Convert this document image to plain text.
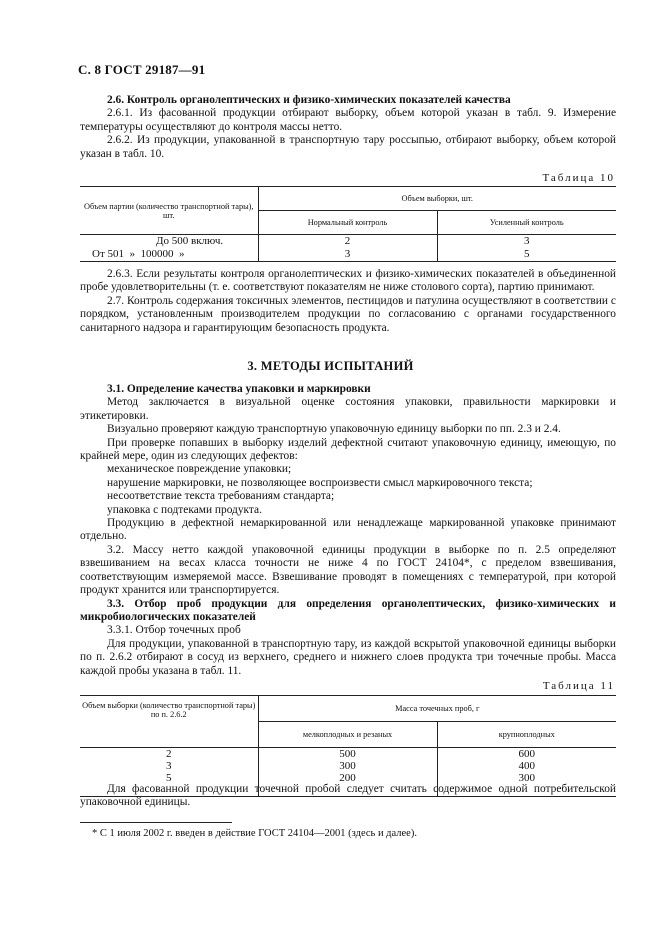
С. 8 ГОСТ 29187—91

2.6. Контроль органолептических и физико-химических показателей качества

2.6.1. Из фасованной продукции отбирают выборку, объем которой указан в табл. 9. Измерение температуры осуществляют до контроля массы нетто.

2.6.2. Из продукции, упакованной в транспортную тару россыпью, отбирают выборку, объем которой указан в табл. 10.

Таблица 10
Объем партии (количество транспортной тары), шт.	Объем выборки, шт.	
	Нормальный контроль	Усиленный контроль
До 500 включ.	2	3
От 501  »  100000  »	3	5

2.6.3. Если результаты контроля органолептических и физико-химических показателей в объединенной пробе удовлетворительны (т. е. соответствуют показателям не ниже столового сорта), партию принимают.

2.7. Контроль содержания токсичных элементов, пестицидов и патулина осуществляют в соответствии с порядком, установленным производителем продукции по согласованию с органами государственного санитарного надзора и гарантирующим безопасность продукта.

3. МЕТОДЫ ИСПЫТАНИЙ

3.1. Определение качества упаковки и маркировки

Метод заключается в визуальной оценке состояния упаковки, правильности маркировки и этикетировки.

Визуально проверяют каждую транспортную упаковочную единицу выборки по пп. 2.3 и 2.4.

При проверке попавших в выборку изделий дефектной считают упаковочную единицу, имеющую, по крайней мере, один из следующих дефектов:

механическое повреждение упаковки;

нарушение маркировки, не позволяющее воспроизвести смысл маркировочного текста;

несоответствие текста требованиям стандарта;

упаковка с подтеками продукта.

Продукцию в дефектной немаркированной или ненадлежаще маркированной упаковке принимают отдельно.

3.2. Массу нетто каждой упаковочной единицы продукции в выборке по п. 2.5 определяют взвешиванием на весах класса точности не ниже 4 по ГОСТ 24104*, с пределом взвешивания, соответствующим измеряемой массе. Взвешивание проводят в помещениях с температурой, при которой продукт хранится или транспортируется.

3.3. Отбор проб продукции для определения органолептических, физико-химических и микробиологических показателей

3.3.1. Отбор точечных проб

Для продукции, упакованной в транспортную тару, из каждой вскрытой упаковочной единицы выборки по п. 2.6.2 отбирают в сосуд из верхнего, среднего и нижнего слоев продукта три точечные пробы. Масса каждой пробы указана в табл. 11.

Таблица 11
Объем выборки (количество транспортной тары) по п. 2.6.2	Масса точечных проб, г	
	мелкоплодных и резаных	крупноплодных
2	500	600
3	300	400
5	200	300

Для фасованной продукции точечной пробой следует считать содержимое одной потребительской упаковочной единицы.

* С 1 июля 2002 г. введен в действие ГОСТ 24104—2001 (здесь и далее).
